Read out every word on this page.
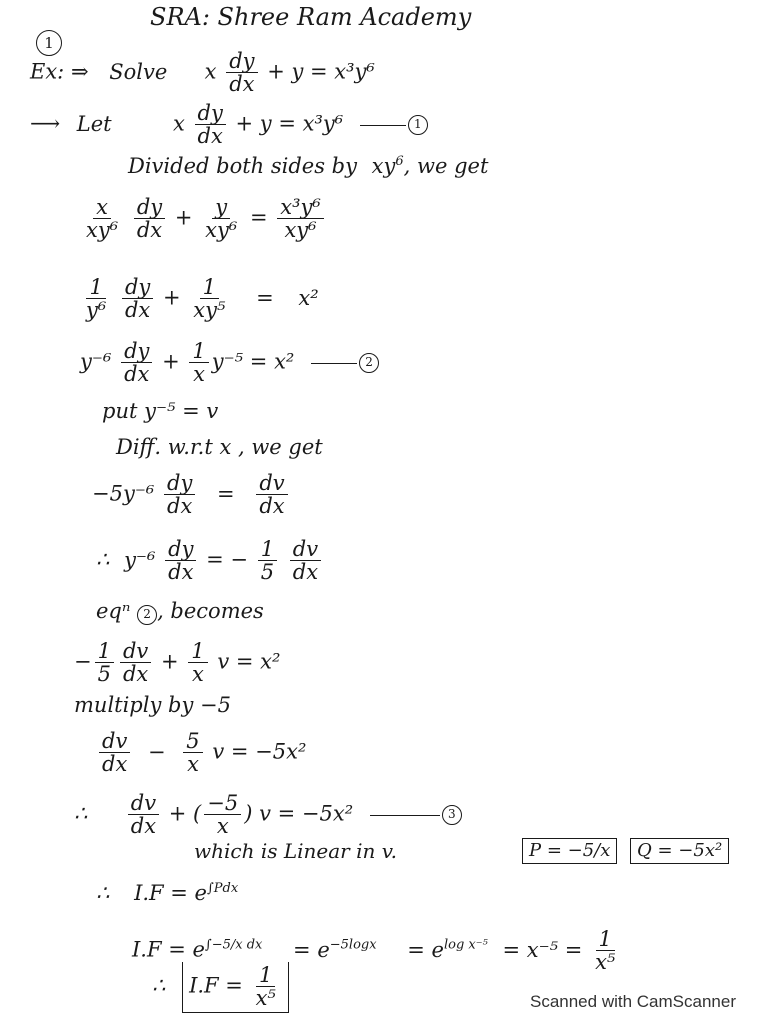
SRA: Shree Ram Academy
1
Ex: ⇒ Solve x $\frac{dy}{dx} + y = x^3y^6$
⟶ Let	x $\frac{dy}{dx} + y = x^3y^6$	1
Divided both sides by $xy^6$, we get
$\frac{x}{\text{xy⁶}}$
$\frac{dy}{dx} + \frac{y}{\text{xy⁶}} = \frac{\text{x³y⁶}}{\text{xy⁶}}$
$\frac{1}{\text{y⁶}}$
$\frac{dy}{dx} + \frac{1}{\text{xy⁵}} = x^2$
$y^{-6} \frac{dy}{dx} + \frac{1}{x} y^{-5} = x^2$	2
put y⁻⁵ = v
Diff. w.r.t x , we get
$-5y^{-6} \frac{dy}{dx} = \frac{dv}{dx}$
∴ $y^{-6} \frac{dy}{dx}$ = − $\frac{1}{5}$
$\frac{dv}{dx}$
eqⁿ 2 , becomes
− $\frac{1}{5} \frac{dv}{dx} + \frac{1}{x}$ v = x²
multiply by −5
$\frac{dv}{dx} - \frac{5}{x}$ v = −5x²
∴ $\frac{dv}{dx}$ + ( $\frac{-5}{x}$ ) v = −5x²	3
which is Linear in v.	P = −5/x	Q = −5x²
∴ $I.F = e^{\int Pdx}$
$I.F = e^{\int-5/x dx} = e^{-5logx} = e^{log x^{-5}} = x^{-5} = \frac{1}{\text{x⁵}}$
∴ $I.F = \frac{1}{\text{x⁵}}$	Scanned with CamScanner
